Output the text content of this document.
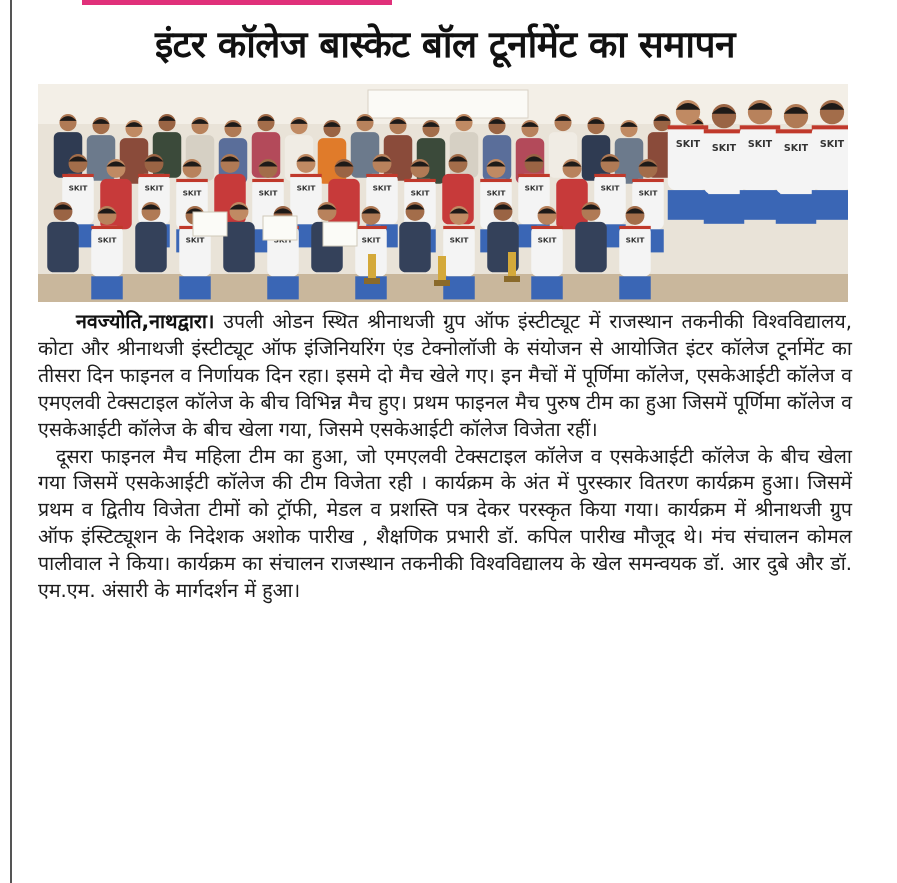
इंटर कॉलेज बास्केट बॉल टूर्नामेंट का समापन
SKIT SKIT SKIT SKIT SKIT
SKIT	SKIT
SKIT	SKIT
SKIT	SKIT
SKIT	SKIT
SKIT	SKIT
SKIT
SKIT	SKIT	SKIT	SKIT	SKIT	SKIT

नवज्योति,नाथद्वारा। उपली ओडन स्थित श्रीनाथजी ग्रुप ऑफ इंस्टीट्यूट में राजस्थान तकनीकी विश्वविद्यालय, कोटा और श्रीनाथजी इंस्टीट्यूट ऑफ इंजिनियरिंग एंड टेक्नोलॉजी के संयोजन से आयोजित इंटर कॉलेज टूर्नामेंट का तीसरा दिन फाइनल व निर्णायक दिन रहा। इसमे दो मैच खेले गए। इन मैचों में पूर्णिमा कॉलेज, एसकेआईटी कॉलेज व एमएलवी टेक्सटाइल कॉलेज के बीच विभिन्न मैच हुए। प्रथम फाइनल मैच पुरुष टीम का हुआ जिसमें पूर्णिमा कॉलेज व एसकेआईटी कॉलेज के बीच खेला गया, जिसमे एसकेआईटी कॉलेज विजेता रहीं।

दूसरा फाइनल मैच महिला टीम का हुआ, जो एमएलवी टेक्सटाइल कॉलेज व एसकेआईटी कॉलेज के बीच खेला गया जिसमें एसकेआईटी कॉलेज की टीम विजेता रही । कार्यक्रम के अंत में पुरस्कार वितरण कार्यक्रम हुआ। जिसमें प्रथम व द्वितीय विजेता टीमों को ट्रॉफी, मेडल व प्रशस्ति पत्र देकर परस्कृत किया गया। कार्यक्रम में श्रीनाथजी ग्रुप ऑफ इंस्टिट्यूशन के निदेशक अशोक पारीख , शैक्षणिक प्रभारी डॉ. कपिल पारीख मौजूद थे। मंच संचालन कोमल पालीवाल ने किया। कार्यक्रम का संचालन राजस्थान तकनीकी विश्वविद्यालय के खेल समन्वयक डॉ. आर दुबे और डॉ. एम.एम. अंसारी के मार्गदर्शन में हुआ।
